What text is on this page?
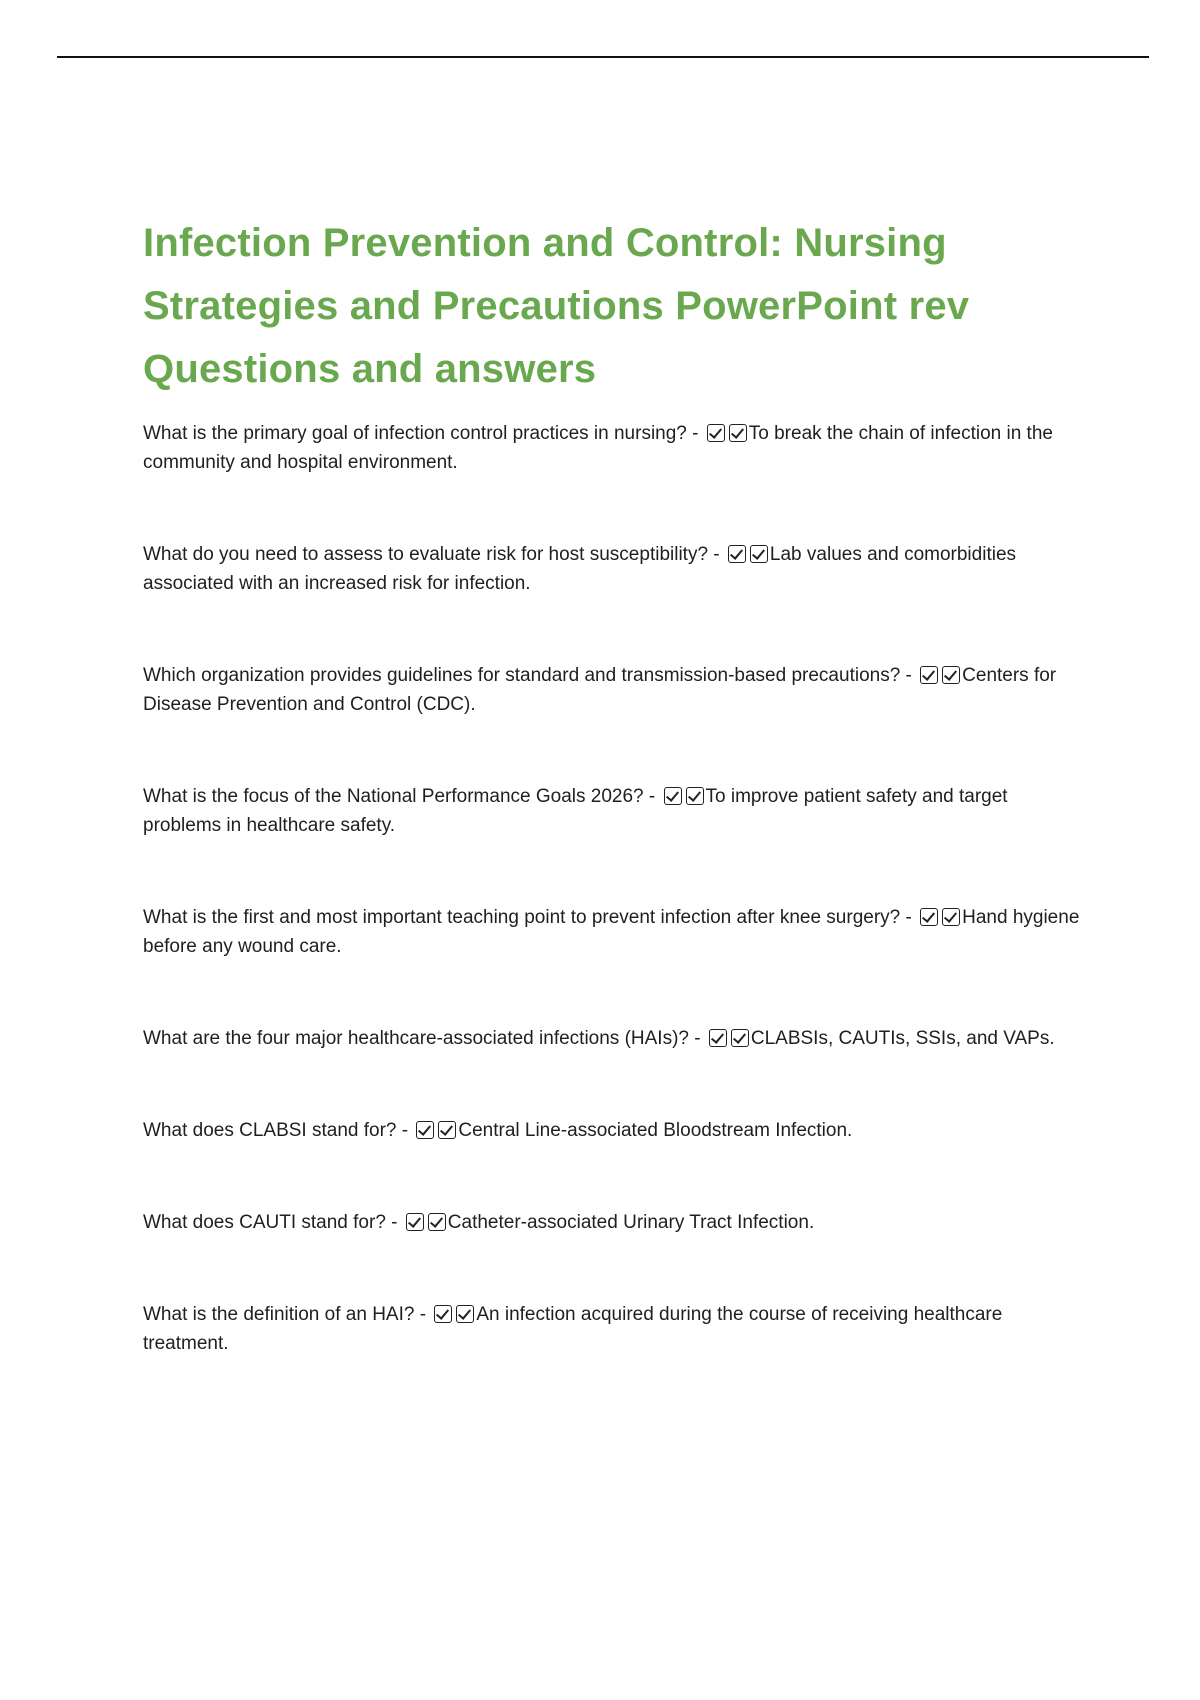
Infection Prevention and Control: Nursing Strategies and Precautions PowerPoint rev Questions and answers
What is the primary goal of infection control practices in nursing? - To break the chain of infection in the community and hospital environment.
What do you need to assess to evaluate risk for host susceptibility? - Lab values and comorbidities associated with an increased risk for infection.
Which organization provides guidelines for standard and transmission-based precautions? - Centers for Disease Prevention and Control (CDC).
What is the focus of the National Performance Goals 2026? - To improve patient safety and target problems in healthcare safety.
What is the first and most important teaching point to prevent infection after knee surgery? - Hand hygiene before any wound care.
What are the four major healthcare-associated infections (HAIs)? - CLABSIs, CAUTIs, SSIs, and VAPs.
What does CLABSI stand for? - Central Line-associated Bloodstream Infection.
What does CAUTI stand for? - Catheter-associated Urinary Tract Infection.
What is the definition of an HAI? - An infection acquired during the course of receiving healthcare treatment.
